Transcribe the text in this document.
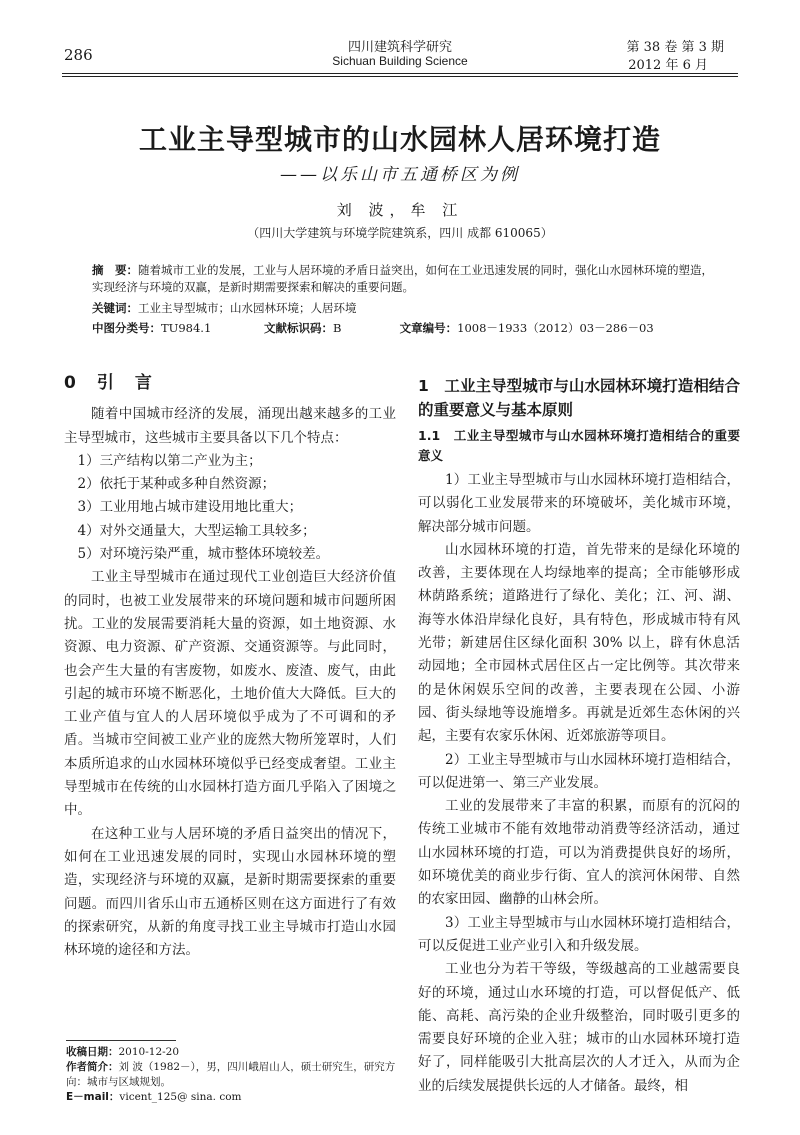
286	四川建筑科学研究
Sichuan Building Science
第 38 卷 第 3 期
2012 年 6 月
工业主导型城市的山水园林人居环境打造
——以乐山市五通桥区为例
刘 波，牟 江
（四川大学建筑与环境学院建筑系，四川 成都 610065）
摘　要：随着城市工业的发展，工业与人居环境的矛盾日益突出，如何在工业迅速发展的同时，强化山水园林环境的塑造，实现经济与环境的双赢，是新时期需要探索和解决的重要问题。
关键词：工业主导型城市；山水园林环境；人居环境
中图分类号：TU984.1	文献标识码：B	文章编号：1008－1933（2012）03－286－03
0　引　言

随着中国城市经济的发展，涌现出越来越多的工业主导型城市，这些城市主要具备以下几个特点：

1）三产结构以第二产业为主；

2）依托于某种或多种自然资源；

3）工业用地占城市建设用地比重大；

4）对外交通量大，大型运输工具较多；

5）对环境污染严重，城市整体环境较差。

工业主导型城市在通过现代工业创造巨大经济价值的同时，也被工业发展带来的环境问题和城市问题所困扰。工业的发展需要消耗大量的资源，如土地资源、水资源、电力资源、矿产资源、交通资源等。与此同时，也会产生大量的有害废物，如废水、废渣、废气，由此引起的城市环境不断恶化，土地价值大大降低。巨大的工业产值与宜人的人居环境似乎成为了不可调和的矛盾。当城市空间被工业产业的庞然大物所笼罩时，人们本质所追求的山水园林环境似乎已经变成奢望。工业主导型城市在传统的山水园林打造方面几乎陷入了困境之中。

在这种工业与人居环境的矛盾日益突出的情况下，如何在工业迅速发展的同时，实现山水园林环境的塑造，实现经济与环境的双赢，是新时期需要探索的重要问题。而四川省乐山市五通桥区则在这方面进行了有效的探索研究，从新的角度寻找工业主导城市打造山水园林环境的途径和方法。

收稿日期：2010-12-20
作者简介：刘 波（1982－），男，四川峨眉山人，硕士研究生，研究方向：城市与区域规划。
E－mail：vicent_125@ sina. com
1　工业主导型城市与山水园林环境打造相结合的重要意义与基本原则
1.1　工业主导型城市与山水园林环境打造相结合的重要意义

1）工业主导型城市与山水园林环境打造相结合，可以弱化工业发展带来的环境破坏，美化城市环境，解决部分城市问题。

山水园林环境的打造，首先带来的是绿化环境的改善，主要体现在人均绿地率的提高；全市能够形成林荫路系统；道路进行了绿化、美化；江、河、湖、海等水体沿岸绿化良好，具有特色，形成城市特有风光带；新建居住区绿化面积 30% 以上，辟有休息活动园地；全市园林式居住区占一定比例等。其次带来的是休闲娱乐空间的改善，主要表现在公园、小游园、街头绿地等设施增多。再就是近郊生态休闲的兴起，主要有农家乐休闲、近郊旅游等项目。

2）工业主导型城市与山水园林环境打造相结合，可以促进第一、第三产业发展。

工业的发展带来了丰富的积累，而原有的沉闷的传统工业城市不能有效地带动消费等经济活动，通过山水园林环境的打造，可以为消费提供良好的场所，如环境优美的商业步行街、宜人的滨河休闲带、自然的农家田园、幽静的山林会所。

3）工业主导型城市与山水园林环境打造相结合，可以反促进工业产业引入和升级发展。

工业也分为若干等级，等级越高的工业越需要良好的环境，通过山水环境的打造，可以督促低产、低能、高耗、高污染的企业升级整治，同时吸引更多的需要良好环境的企业入驻；城市的山水园林环境打造好了，同样能吸引大批高层次的人才迁入，从而为企业的后续发展提供长远的人才储备。最终，相
